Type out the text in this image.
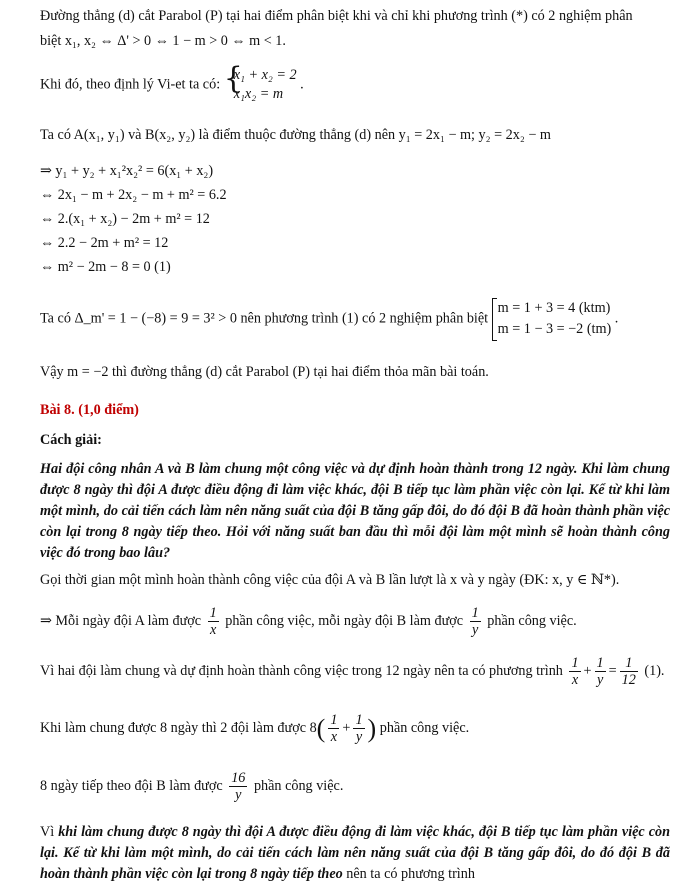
Đường thẳng (d) cắt Parabol (P) tại hai điểm phân biệt khi và chỉ khi phương trình (*) có 2 nghiệm phân
biệt x₁, x₂ ⇔ Δ' > 0 ⇔ 1 − m > 0 ⇔ m < 1.
Khi đó, theo định lý Vi-et ta có: {
x₁ + x₂ = 2
x₁x₂ = m
.
Ta có A(x₁, y₁) và B(x₂, y₂) là điểm thuộc đường thẳng (d) nên y₁ = 2x₁ − m; y₂ = 2x₂ − m
⇒ y₁ + y₂ + x₁²x₂² = 6(x₁ + x₂)
⇔ 2x₁ − m + 2x₂ − m + m² = 6.2
⇔ 2.(x₁ + x₂) − 2m + m² = 12
⇔ 2.2 − 2m + m² = 12
⇔ m² − 2m − 8 = 0 (1)
Ta có Δ_m' = 1 − (−8) = 9 = 3² > 0 nên phương trình (1) có 2 nghiệm phân biệt
m = 1 + 3 = 4 (ktm)
m = 1 − 3 = −2 (tm)
.
Vậy m = −2 thì đường thẳng (d) cắt Parabol (P) tại hai điểm thỏa mãn bài toán.
Bài 8. (1,0 điểm)
Cách giải:
Hai đội công nhân A và B làm chung một công việc và dự định hoàn thành trong 12 ngày. Khi làm chung được 8 ngày thì đội A được điều động đi làm việc khác, đội B tiếp tục làm phần việc còn lại. Kể từ khi làm một mình, do cải tiến cách làm nên năng suất của đội B tăng gấp đôi, do đó đội B đã hoàn thành phần việc còn lại trong 8 ngày tiếp theo. Hỏi với năng suất ban đầu thì mỗi đội làm một mình sẽ hoàn thành công việc đó trong bao lâu?
Gọi thời gian một mình hoàn thành công việc của đội A và B lần lượt là x và y ngày (ĐK: x, y ∈ ℕ*).
⇒ Mỗi ngày đội A làm được $\frac{1}{x}$ phần công việc, mỗi ngày đội B làm được $\frac{1}{y}$ phần công việc.
Vì hai đội làm chung và dự định hoàn thành công việc trong 12 ngày nên ta có phương trình $\frac{1}{x} + \frac{1}{y} = \frac{1}{12} (1)$.
Khi làm chung được 8 ngày thì 2 đội làm được $8( \frac{1}{x} + \frac{1}{y}$ ) phần công việc.
8 ngày tiếp theo đội B làm được $\frac{16}{y}$ phần công việc.
Vì khi làm chung được 8 ngày thì đội A được điều động đi làm việc khác, đội B tiếp tục làm phần việc còn lại. Kể từ khi làm một mình, do cải tiến cách làm nên năng suất của đội B tăng gấp đôi, do đó đội B đã hoàn thành phần việc còn lại trong 8 ngày tiếp theo nên ta có phương trình
